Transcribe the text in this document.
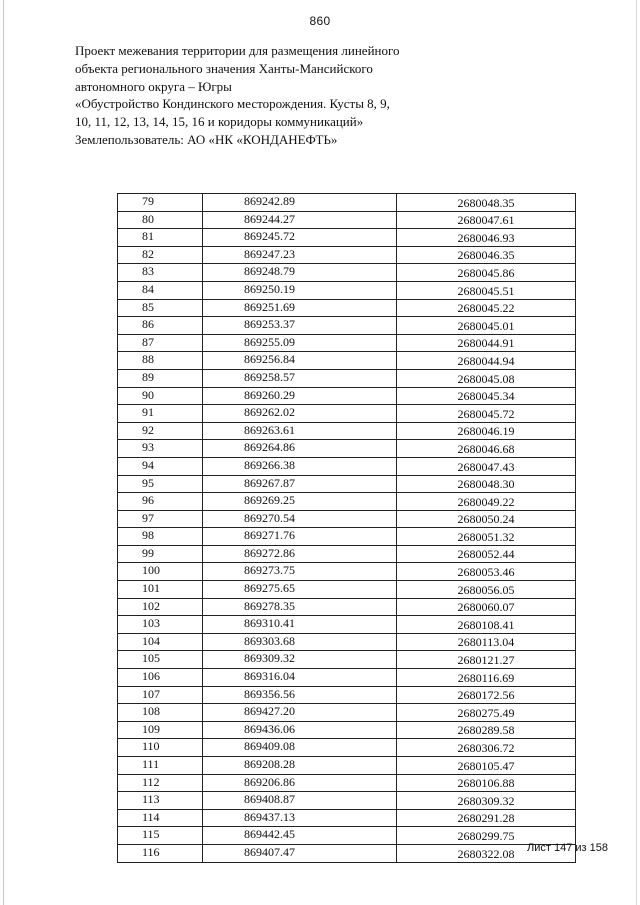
860
Проект межевания территории для размещения линейного
объекта регионального значения Ханты-Мансийского
автономного округа – Югры
«Обустройство Кондинского месторождения. Кусты 8, 9,
10, 11, 12, 13, 14, 15, 16 и коридоры коммуникаций»
Землепользователь: АО «НК «КОНДАНЕФТЬ»
79	869242.89	2680048.35
80	869244.27	2680047.61
81	869245.72	2680046.93
82	869247.23	2680046.35
83	869248.79	2680045.86
84	869250.19	2680045.51
85	869251.69	2680045.22
86	869253.37	2680045.01
87	869255.09	2680044.91
88	869256.84	2680044.94
89	869258.57	2680045.08
90	869260.29	2680045.34
91	869262.02	2680045.72
92	869263.61	2680046.19
93	869264.86	2680046.68
94	869266.38	2680047.43
95	869267.87	2680048.30
96	869269.25	2680049.22
97	869270.54	2680050.24
98	869271.76	2680051.32
99	869272.86	2680052.44
100	869273.75	2680053.46
101	869275.65	2680056.05
102	869278.35	2680060.07
103	869310.41	2680108.41
104	869303.68	2680113.04
105	869309.32	2680121.27
106	869316.04	2680116.69
107	869356.56	2680172.56
108	869427.20	2680275.49
109	869436.06	2680289.58
110	869409.08	2680306.72
111	869208.28	2680105.47
112	869206.86	2680106.88
113	869408.87	2680309.32
114	869437.13	2680291.28
115	869442.45	2680299.75
116	869407.47	2680322.08 Лист 147 из 158
